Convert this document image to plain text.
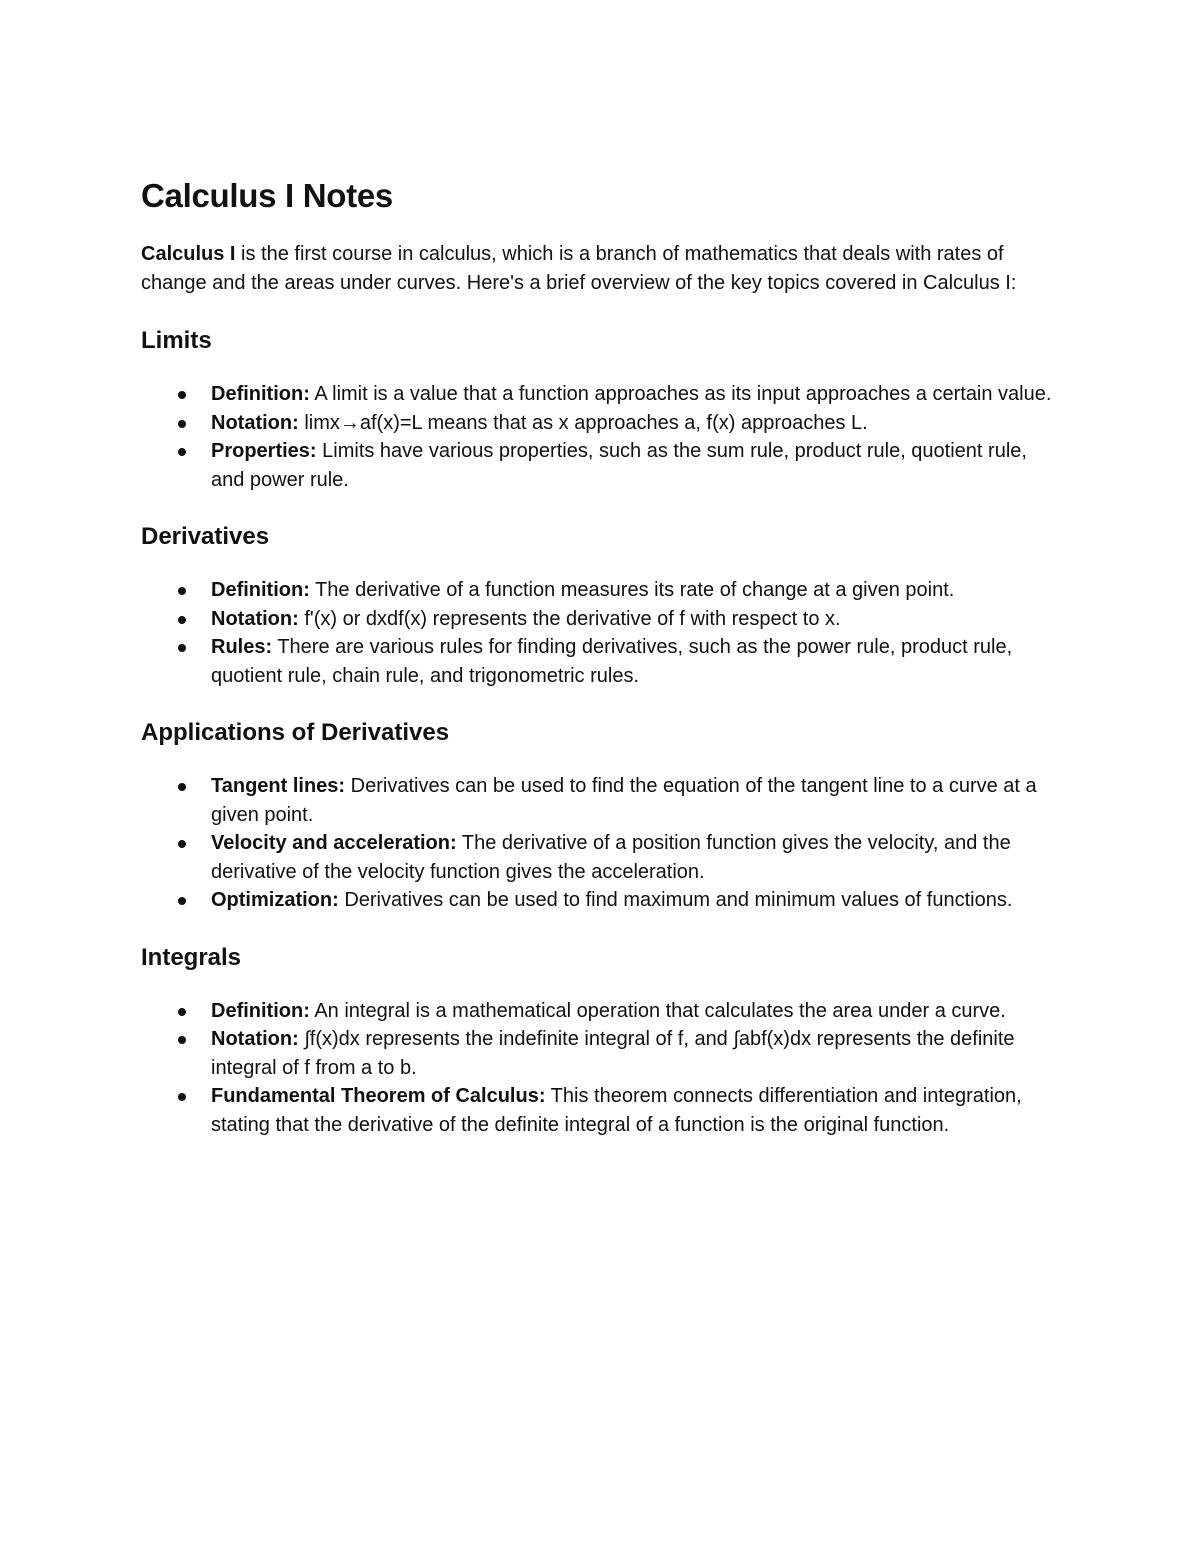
Calculus I Notes

Calculus I is the first course in calculus, which is a branch of mathematics that deals with rates of change and the areas under curves. Here's a brief overview of the key topics covered in Calculus I:

Limits
Definition: A limit is a value that a function approaches as its input approaches a certain value.
Notation: limx→af(x)=L means that as x approaches a, f(x) approaches L.
Properties: Limits have various properties, such as the sum rule, product rule, quotient rule, and power rule.
Derivatives
Definition: The derivative of a function measures its rate of change at a given point.
Notation: f'(x) or dxdf(x) represents the derivative of f with respect to x.
Rules: There are various rules for finding derivatives, such as the power rule, product rule, quotient rule, chain rule, and trigonometric rules.
Applications of Derivatives
Tangent lines: Derivatives can be used to find the equation of the tangent line to a curve at a given point.
Velocity and acceleration: The derivative of a position function gives the velocity, and the derivative of the velocity function gives the acceleration.
Optimization: Derivatives can be used to find maximum and minimum values of functions.
Integrals
Definition: An integral is a mathematical operation that calculates the area under a curve.
Notation: ∫f(x)dx represents the indefinite integral of f, and ∫abf(x)dx represents the definite integral of f from a to b.
Fundamental Theorem of Calculus: This theorem connects differentiation and integration, stating that the derivative of the definite integral of a function is the original function.
